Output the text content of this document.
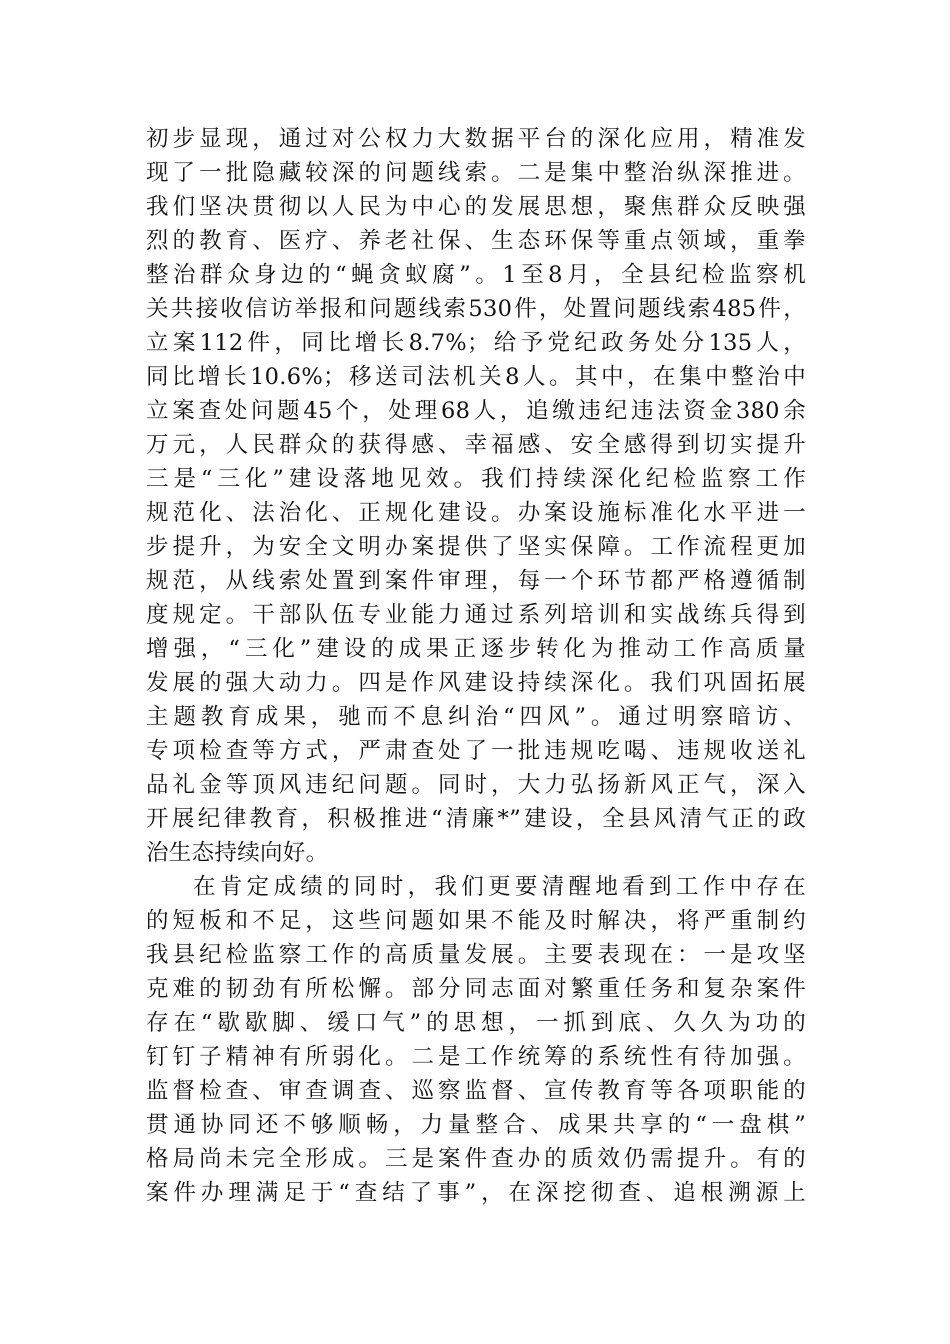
初步显现，通过对公权力大数据平台的深化应用，精准发
现了一批隐藏较深的问题线索。二是集中整治纵深推进。
我们坚决贯彻以人民为中心的发展思想，聚焦群众反映强
烈的教育、医疗、养老社保、生态环保等重点领域，重拳
整治群众身边的“蝇贪蚁腐”。1至8月，全县纪检监察机
关共接收信访举报和问题线索530件，处置问题线索485件，
立案112件，同比增长8.7%；给予党纪政务处分135人，
同比增长10.6%；移送司法机关8人。其中，在集中整治中
立案查处问题45个，处理68人，追缴违纪违法资金380余
万元，人民群众的获得感、幸福感、安全感得到切实提升
三是“三化”建设落地见效。我们持续深化纪检监察工作
规范化、法治化、正规化建设。办案设施标准化水平进一
步提升，为安全文明办案提供了坚实保障。工作流程更加
规范，从线索处置到案件审理，每一个环节都严格遵循制
度规定。干部队伍专业能力通过系列培训和实战练兵得到
增强，“三化”建设的成果正逐步转化为推动工作高质量
发展的强大动力。四是作风建设持续深化。我们巩固拓展
主题教育成果，驰而不息纠治“四风”。通过明察暗访、
专项检查等方式，严肃查处了一批违规吃喝、违规收送礼
品礼金等顶风违纪问题。同时，大力弘扬新风正气，深入
开展纪律教育，积极推进“清廉*”建设，全县风清气正的政
治生态持续向好。
在肯定成绩的同时，我们更要清醒地看到工作中存在
的短板和不足，这些问题如果不能及时解决，将严重制约
我县纪检监察工作的高质量发展。主要表现在：一是攻坚
克难的韧劲有所松懈。部分同志面对繁重任务和复杂案件
存在“歇歇脚、缓口气”的思想，一抓到底、久久为功的
钉钉子精神有所弱化。二是工作统筹的系统性有待加强。
监督检查、审查调查、巡察监督、宣传教育等各项职能的
贯通协同还不够顺畅，力量整合、成果共享的“一盘棋”
格局尚未完全形成。三是案件查办的质效仍需提升。有的
案件办理满足于“查结了事”，在深挖彻查、追根溯源上
